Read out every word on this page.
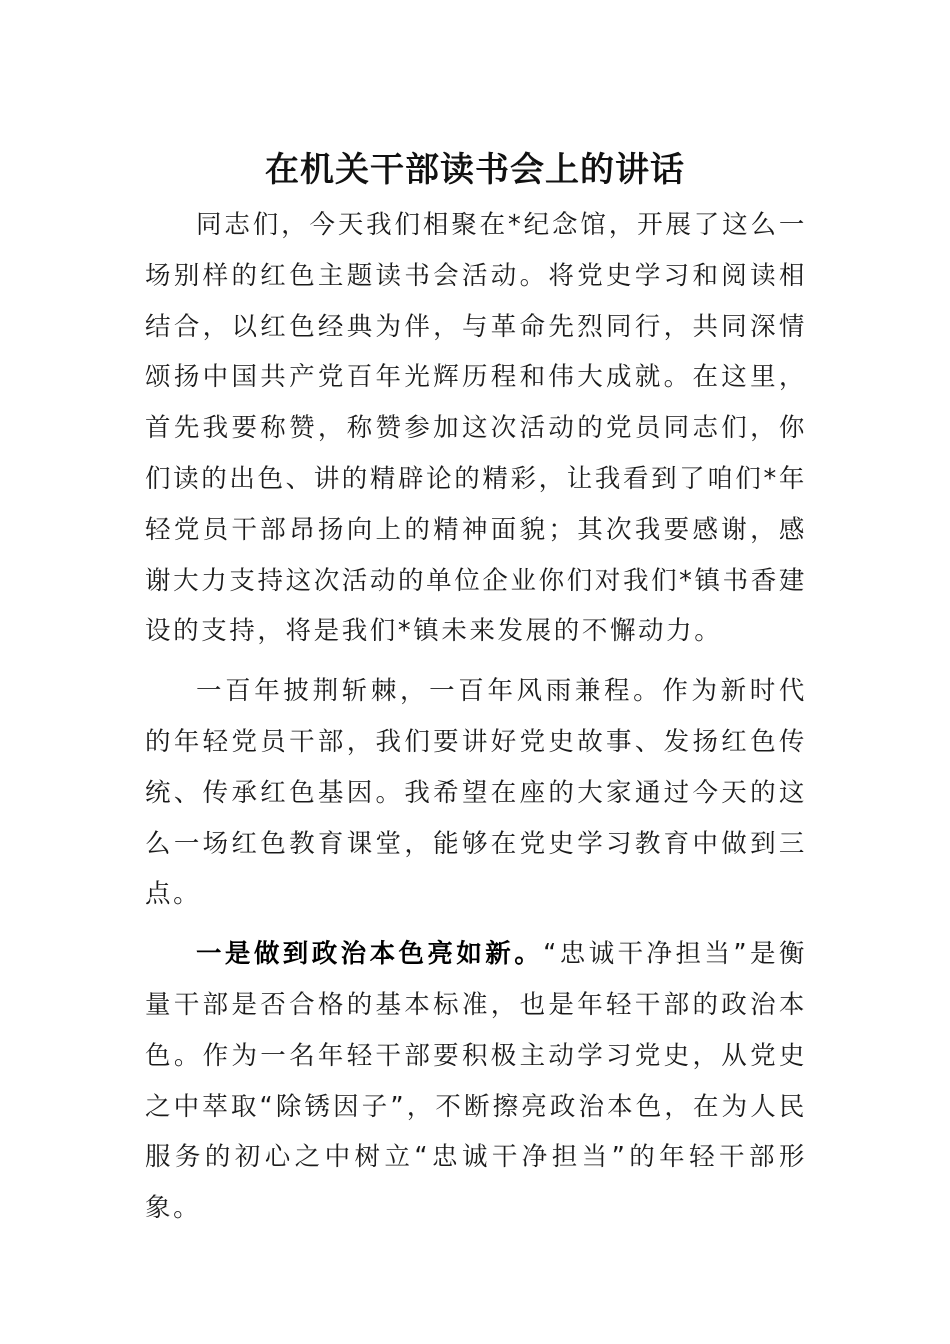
在机关干部读书会上的讲话

同志们，今天我们相聚在*纪念馆，开展了这么一场别样的红色主题读书会活动。将党史学习和阅读相结合，以红色经典为伴，与革命先烈同行，共同深情颂扬中国共产党百年光辉历程和伟大成就。在这里，首先我要称赞，称赞参加这次活动的党员同志们，你们读的出色、讲的精辟论的精彩，让我看到了咱们*年轻党员干部昂扬向上的精神面貌；其次我要感谢，感谢大力支持这次活动的单位企业你们对我们*镇书香建设的支持，将是我们*镇未来发展的不懈动力。

一百年披荆斩棘，一百年风雨兼程。作为新时代的年轻党员干部，我们要讲好党史故事、发扬红色传统、传承红色基因。我希望在座的大家通过今天的这么一场红色教育课堂，能够在党史学习教育中做到三点。

一是做到政治本色亮如新。“忠诚干净担当”是衡量干部是否合格的基本标准，也是年轻干部的政治本色。作为一名年轻干部要积极主动学习党史，从党史之中萃取“除锈因子”，不断擦亮政治本色，在为人民服务的初心之中树立“忠诚干净担当”的年轻干部形象。
